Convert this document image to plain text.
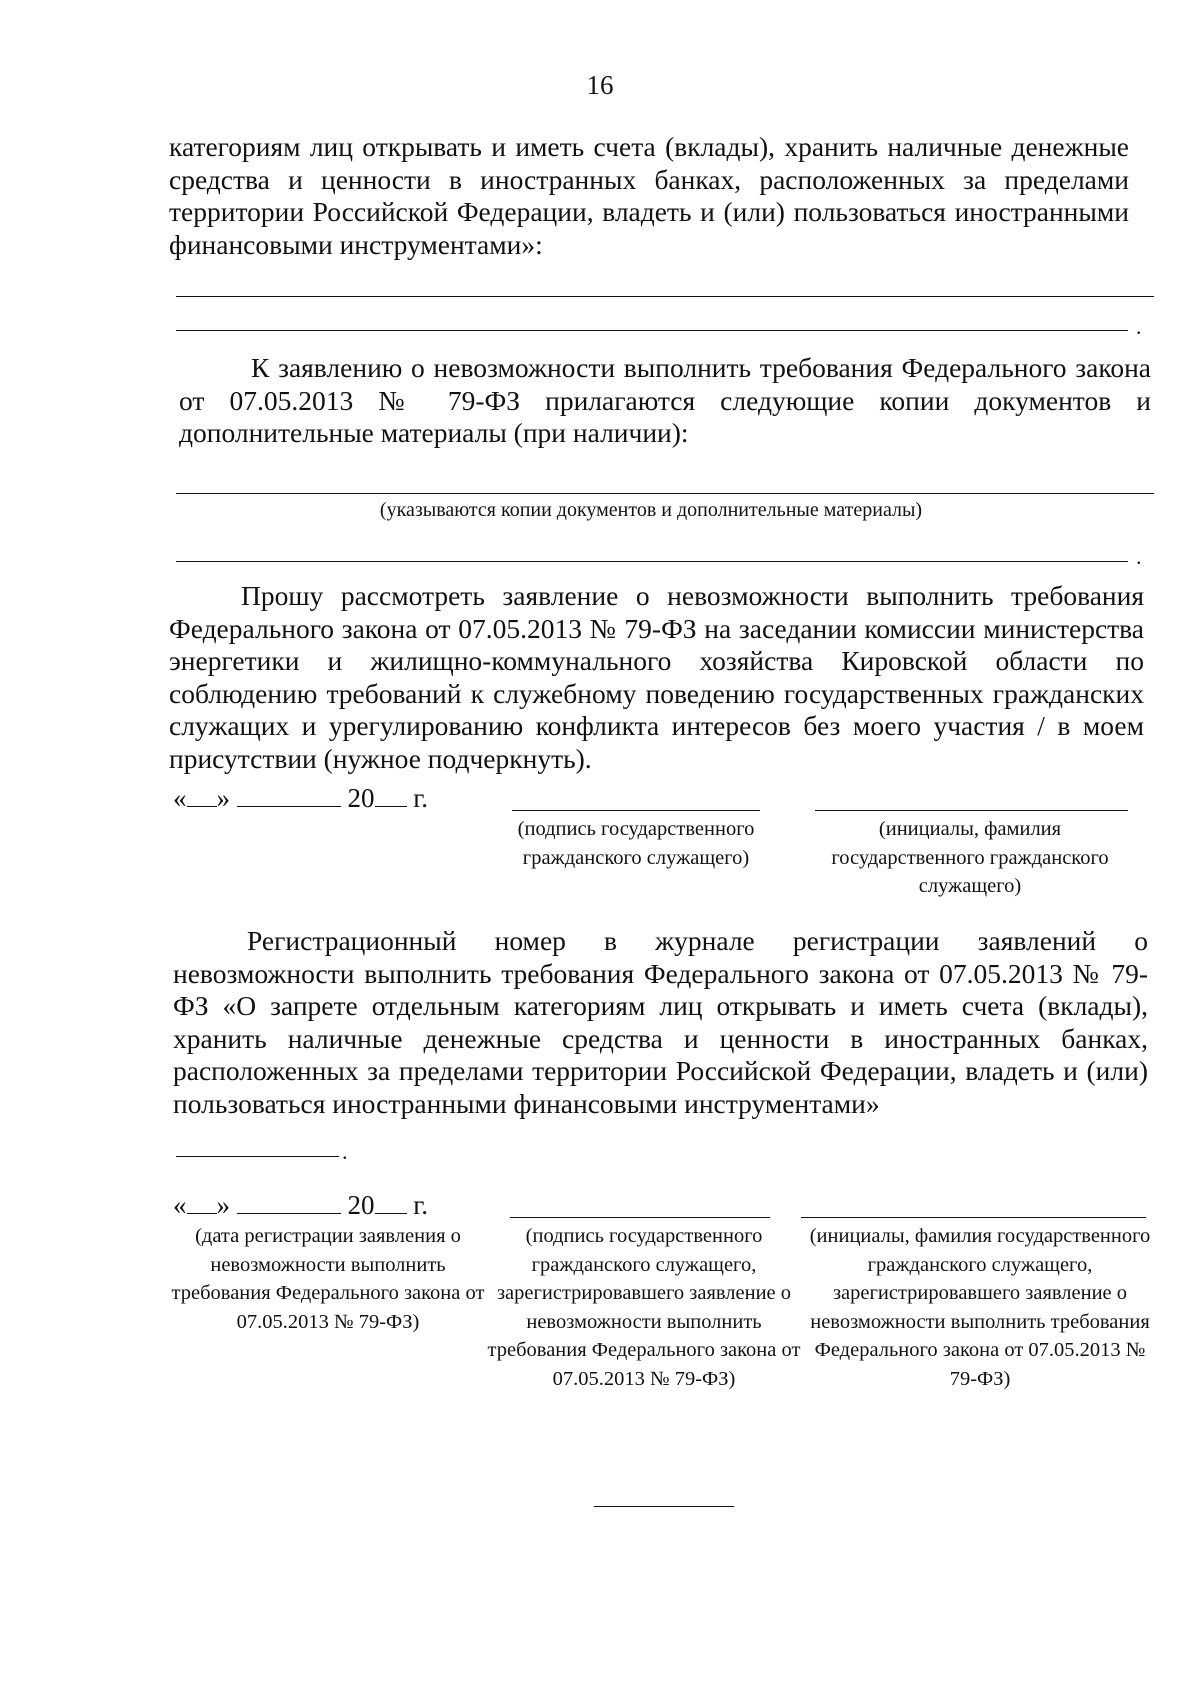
16
категориям лиц открывать и иметь счета (вклады), хранить наличные денежные средства и ценности в иностранных банках, расположенных за пределами территории Российской Федерации, владеть и (или) пользоваться иностранными финансовыми инструментами»:
.
К заявлению о невозможности выполнить требования Федерального закона от 07.05.2013 № 79-ФЗ прилагаются следующие копии документов и дополнительные материалы (при наличии):
(указываются копии документов и дополнительные материалы)
.
Прошу рассмотреть заявление о невозможности выполнить требования Федерального закона от 07.05.2013 № 79-ФЗ на заседании комиссии министерства энергетики и жилищно-коммунального хозяйства Кировской области по соблюдению требований к служебному поведению государственных гражданских служащих и урегулированию конфликта интересов без моего участия / в моем присутствии (нужное подчеркнуть).
« »	20 г.
(подпись государственного гражданского служащего)
(инициалы, фамилия государственного гражданского служащего)
Регистрационный номер в журнале регистрации заявлений о невозможности выполнить требования Федерального закона от 07.05.2013 № 79-ФЗ «О запрете отдельным категориям лиц открывать и иметь счета (вклады), хранить наличные денежные средства и ценности в иностранных банках, расположенных за пределами территории Российской Федерации, владеть и (или) пользоваться иностранными финансовыми инструментами»
.
« »	20 г.
(дата регистрации заявления о невозможности выполнить требования Федерального закона от 07.05.2013 № 79-ФЗ)
(подпись государственного гражданского служащего, зарегистрировавшего заявление о невозможности выполнить требования Федерального закона от 07.05.2013 № 79-ФЗ)
(инициалы, фамилия государственного гражданского служащего, зарегистрировавшего заявление о невозможности выполнить требования Федерального закона от 07.05.2013 № 79-ФЗ)
